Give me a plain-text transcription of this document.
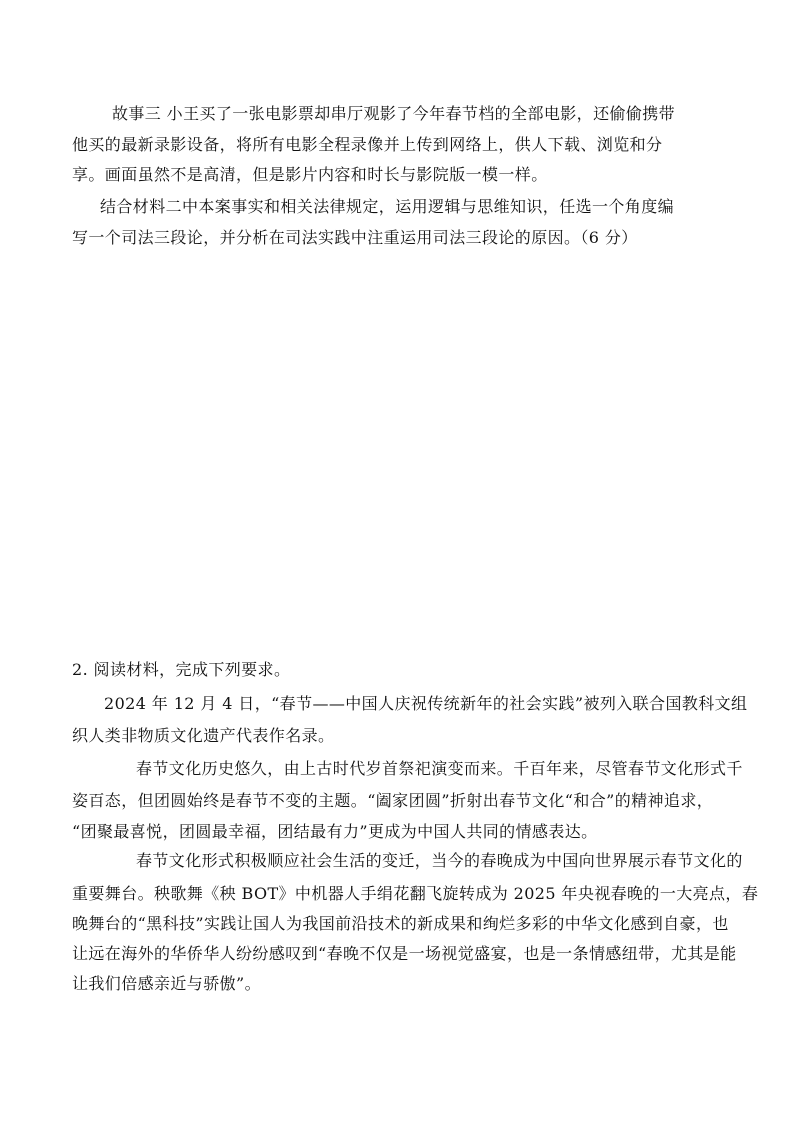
故事三 小王买了一张电影票却串厅观影了今年春节档的全部电影，还偷偷携带
他买的最新录影设备，将所有电影全程录像并上传到网络上，供人下载、浏览和分
享。画面虽然不是高清，但是影片内容和时长与影院版一模一样。
结合材料二中本案事实和相关法律规定，运用逻辑与思维知识，任选一个角度编
写一个司法三段论，并分析在司法实践中注重运用司法三段论的原因。（6 分）
2. 阅读材料，完成下列要求。
2024 年 12 月 4 日，“春节——中国人庆祝传统新年的社会实践”被列入联合国教科文组
织人类非物质文化遗产代表作名录。
春节文化历史悠久，由上古时代岁首祭祀演变而来。千百年来，尽管春节文化形式千
姿百态，但团圆始终是春节不变的主题。“阖家团圆”折射出春节文化“和合”的精神追求，
“团聚最喜悦，团圆最幸福，团结最有力”更成为中国人共同的情感表达。
春节文化形式积极顺应社会生活的变迁，当今的春晚成为中国向世界展示春节文化的
重要舞台。秧歌舞《秧 BOT》中机器人手绢花翻飞旋转成为 2025 年央视春晚的一大亮点，春
晚舞台的“黑科技”实践让国人为我国前沿技术的新成果和绚烂多彩的中华文化感到自豪，也
让远在海外的华侨华人纷纷感叹到“春晚不仅是一场视觉盛宴，也是一条情感纽带，尤其是能
让我们倍感亲近与骄傲”。
